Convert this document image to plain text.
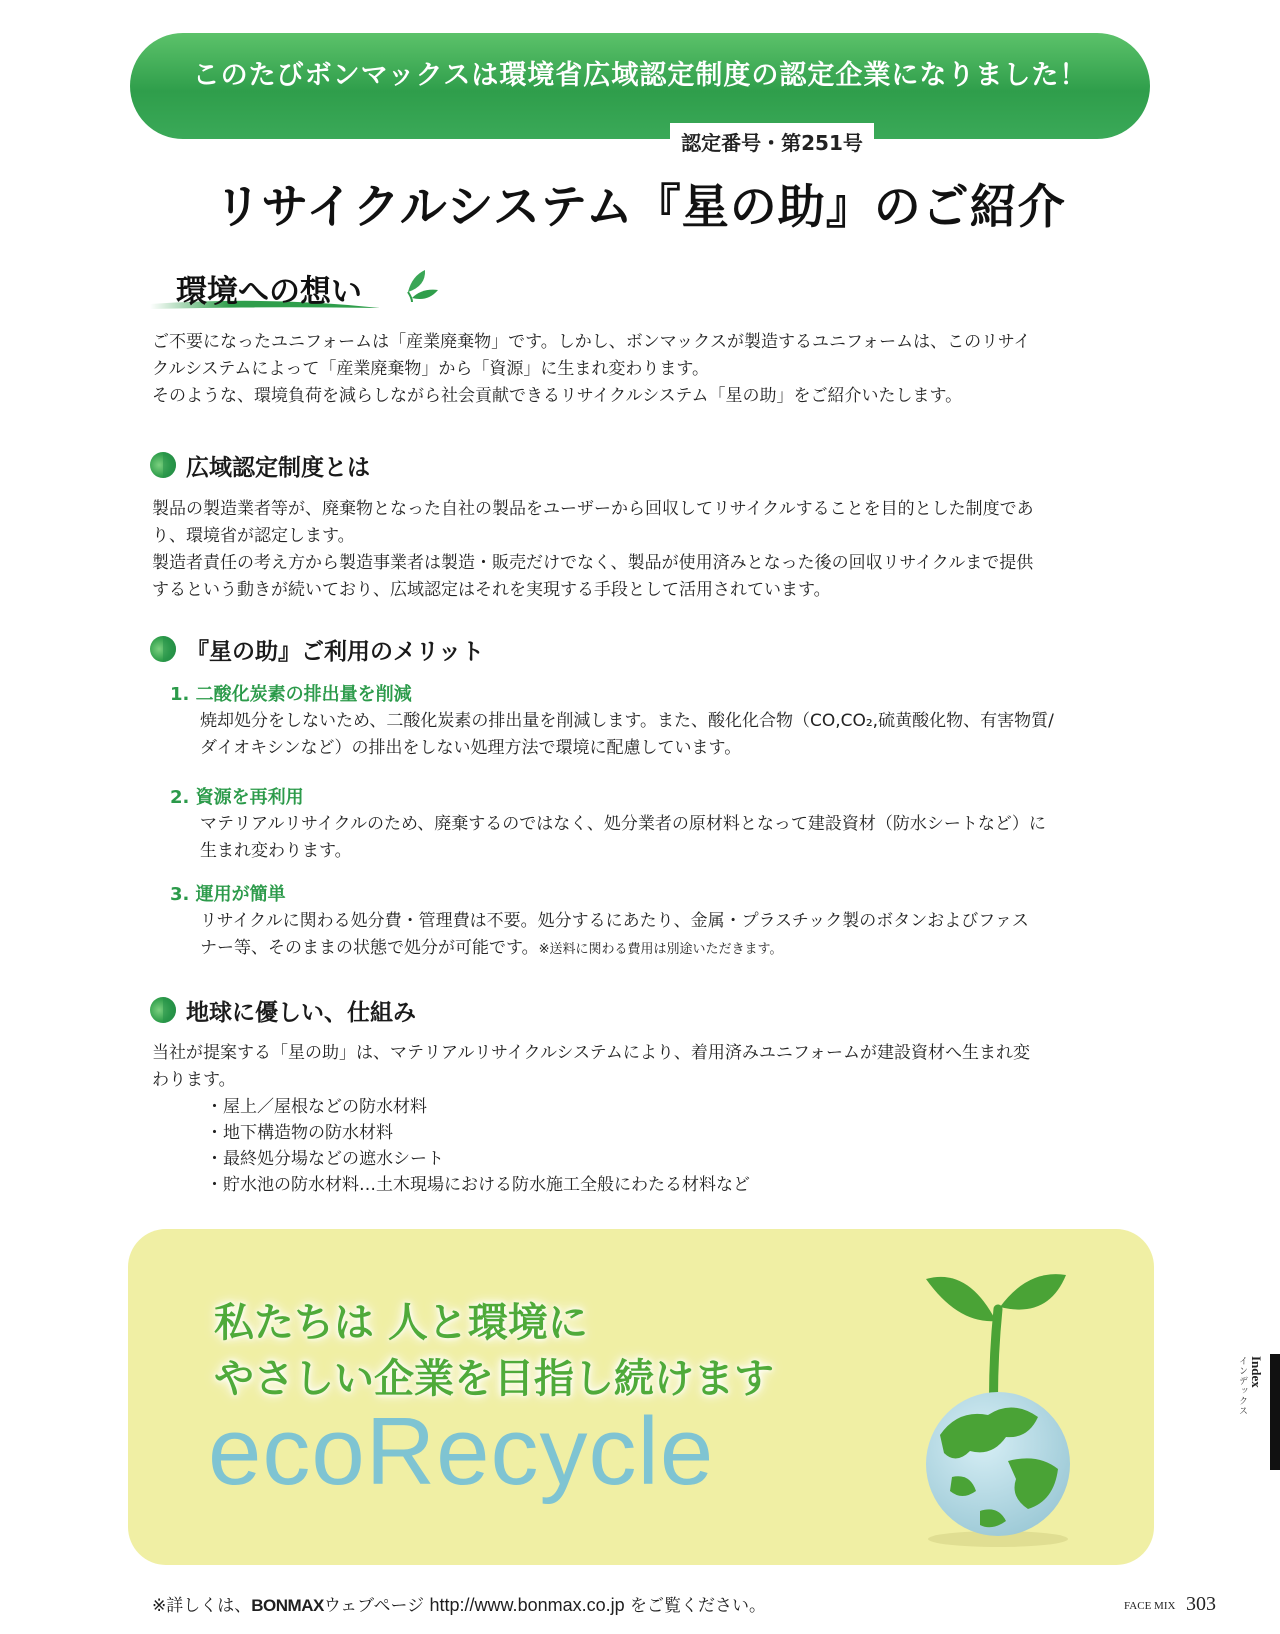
このたびボンマックスは環境省広域認定制度の認定企業になりました！
認定番号・第251号
リサイクルシステム『星の助』のご紹介
環境への想い
ご不要になったユニフォームは「産業廃棄物」です。しかし、ボンマックスが製造するユニフォームは、このリサイ
クルシステムによって「産業廃棄物」から「資源」に生まれ変わります。
そのような、環境負荷を減らしながら社会貢献できるリサイクルシステム「星の助」をご紹介いたします。
広域認定制度とは
製品の製造業者等が、廃棄物となった自社の製品をユーザーから回収してリサイクルすることを目的とした制度であ
り、環境省が認定します。
製造者責任の考え方から製造事業者は製造・販売だけでなく、製品が使用済みとなった後の回収リサイクルまで提供
するという動きが続いており、広域認定はそれを実現する手段として活用されています。
『星の助』ご利用のメリット
1. 二酸化炭素の排出量を削減
焼却処分をしないため、二酸化炭素の排出量を削減します。また、酸化化合物（CO,CO₂,硫黄酸化物、有害物質/
ダイオキシンなど）の排出をしない処理方法で環境に配慮しています。
2. 資源を再利用
マテリアルリサイクルのため、廃棄するのではなく、処分業者の原材料となって建設資材（防水シートなど）に
生まれ変わります。
3. 運用が簡単
リサイクルに関わる処分費・管理費は不要。処分するにあたり、金属・プラスチック製のボタンおよびファス
ナー等、そのままの状態で処分が可能です。※送料に関わる費用は別途いただきます。
地球に優しい、仕組み
当社が提案する「星の助」は、マテリアルリサイクルシステムにより、着用済みユニフォームが建設資材へ生まれ変
わります。
・屋上／屋根などの防水材料
・地下構造物の防水材料
・最終処分場などの遮水シート
・貯水池の防水材料…土木現場における防水施工全般にわたる材料など
私たちは 人と環境に
やさしい企業を目指し続けます
ecoRecycle
Index
インデックス
※詳しくは、BONMAXウェブページ http://www.bonmax.co.jp をご覧ください。	FACE MIX 303
